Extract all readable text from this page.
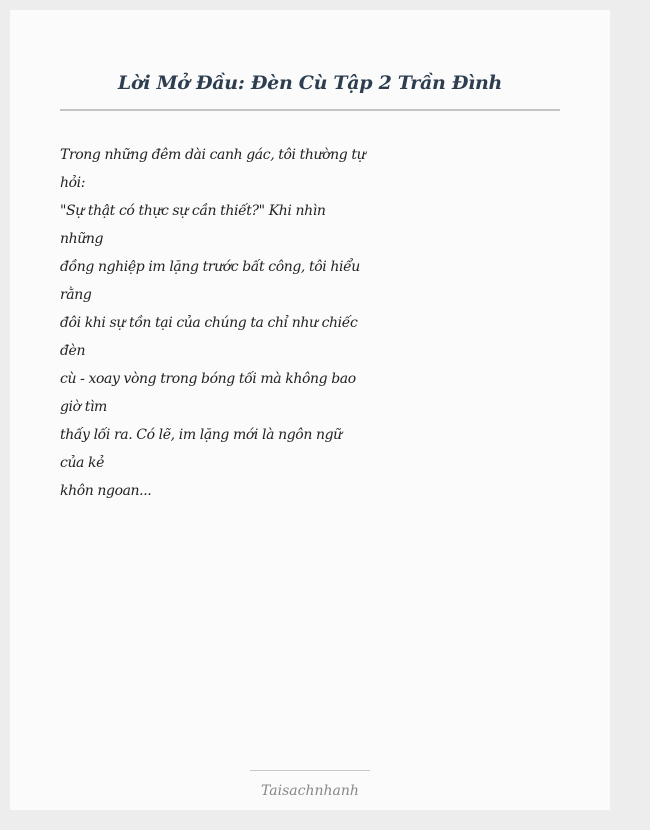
Lời Mở Đầu: Đèn Cù Tập 2 Trần Đình
Trong những đêm dài canh gác, tôi thường tự
hỏi:
"Sự thật có thực sự cần thiết?" Khi nhìn
những
đồng nghiệp im lặng trước bất công, tôi hiểu
rằng
đôi khi sự tồn tại của chúng ta chỉ như chiếc
đèn
cù - xoay vòng trong bóng tối mà không bao
giờ tìm
thấy lối ra. Có lẽ, im lặng mới là ngôn ngữ
của kẻ
khôn ngoan...
Taisachnhanh
